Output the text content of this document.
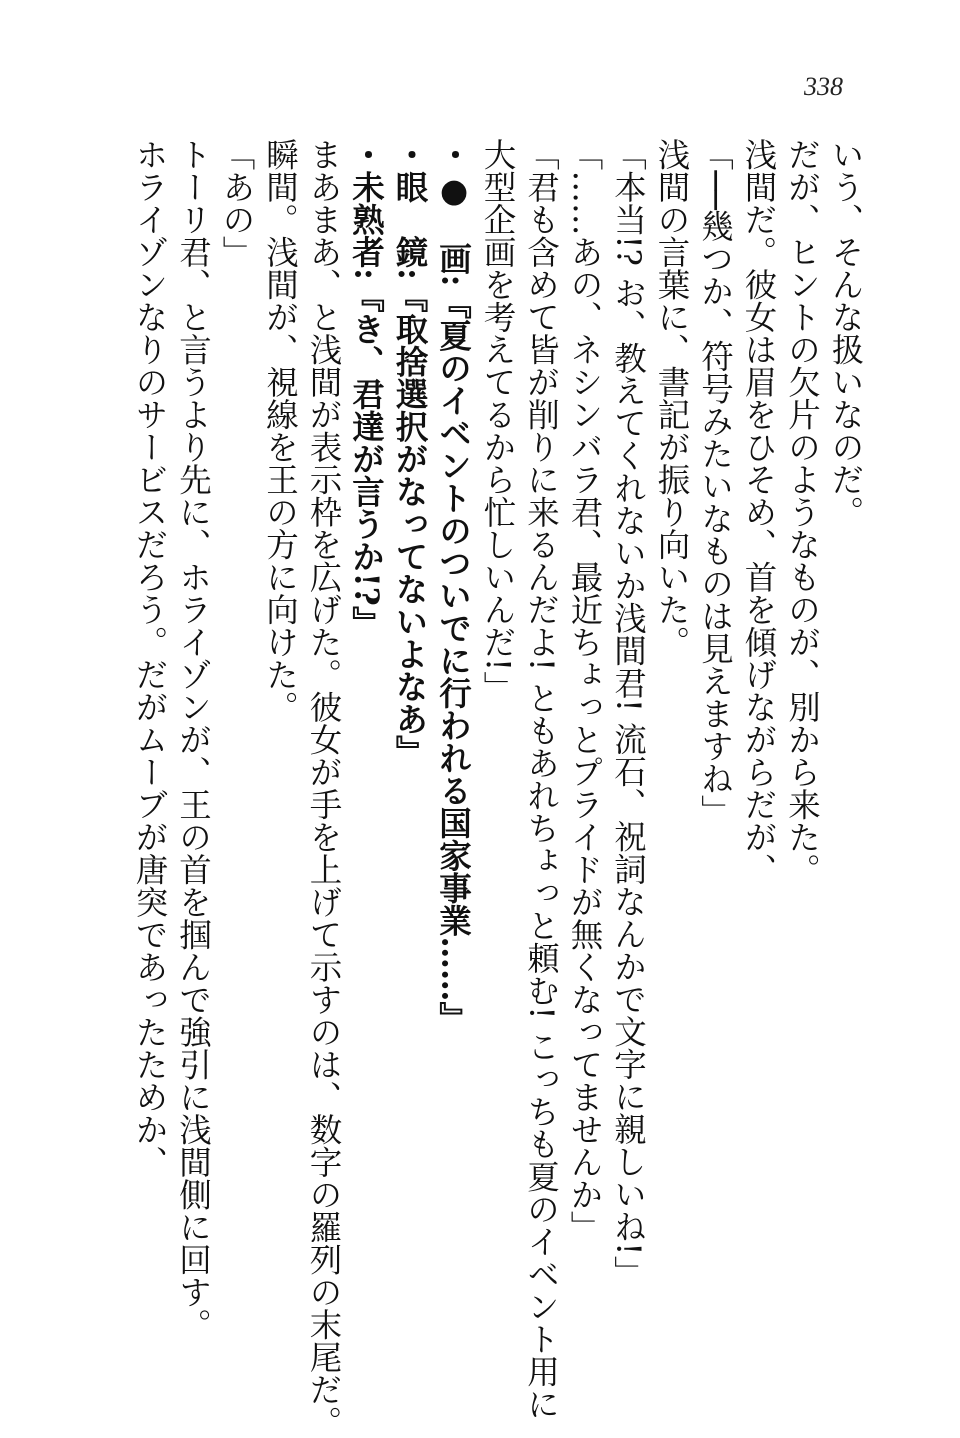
338
いう、そんな扱いなのだ。
だが、ヒントの欠片のようなものが、別から来た。
浅間だ。彼女は眉をひそめ、首を傾げながらだが、
「──幾つか、符号みたいなものは見えますね」
浅間の言葉に、書記が振り向いた。
「本当!? お、教えてくれないか浅間君! 流石、祝詞なんかで文字に親しいね!」
「……あの、ネシンバラ君、最近ちょっとプライドが無くなってませんか」
「君も含めて皆が削りに来るんだよ! ともあれちょっと頼む! こっちも夏のイベント用に
大型企画を考えてるから忙しいんだ!」
・●　画:『夏のイベントのついでに行われる国家事業……』
・眼　鏡:『取捨選択がなってないよなあ』
・未熟者:『き、君達が言うか!?』
まあまあ、と浅間が表示枠を広げた。彼女が手を上げて示すのは、数字の羅列の末尾だ。
瞬間。浅間が、視線を王の方に向けた。
「あの」
トーリ君、と言うより先に、ホライゾンが、王の首を掴んで強引に浅間側に回す。
ホライゾンなりのサービスだろう。だがムーブが唐突であったためか、
